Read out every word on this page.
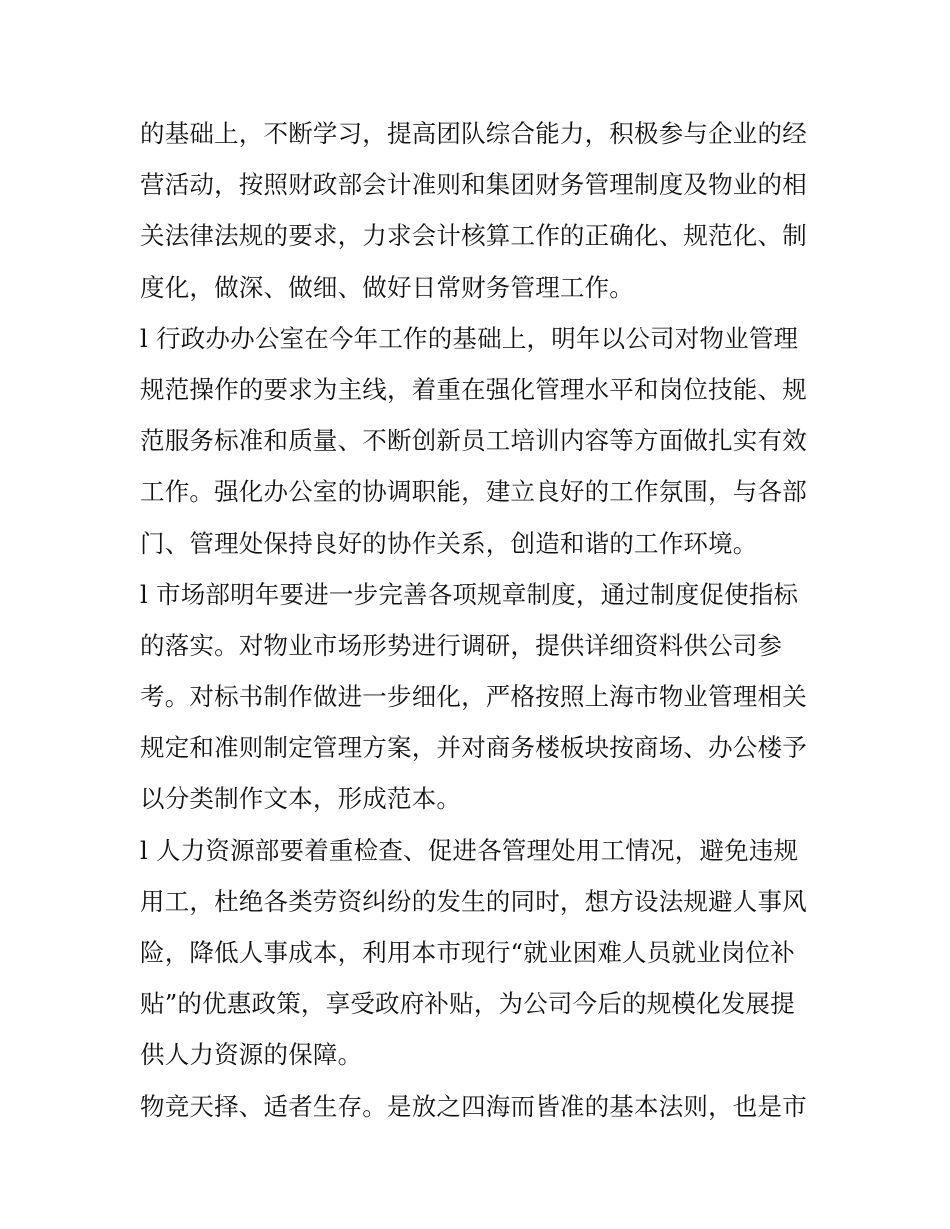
的基础上，不断学习，提高团队综合能力，积极参与企业的经
营活动，按照财政部会计准则和集团财务管理制度及物业的相
关法律法规的要求，力求会计核算工作的正确化、规范化、制
度化，做深、做细、做好日常财务管理工作。
l 行政办办公室在今年工作的基础上，明年以公司对物业管理
规范操作的要求为主线，着重在强化管理水平和岗位技能、规
范服务标准和质量、不断创新员工培训内容等方面做扎实有效
工作。强化办公室的协调职能，建立良好的工作氛围，与各部
门、管理处保持良好的协作关系，创造和谐的工作环境。
l 市场部明年要进一步完善各项规章制度，通过制度促使指标
的落实。对物业市场形势进行调研，提供详细资料供公司参
考。对标书制作做进一步细化，严格按照上海市物业管理相关
规定和准则制定管理方案，并对商务楼板块按商场、办公楼予
以分类制作文本，形成范本。
l 人力资源部要着重检查、促进各管理处用工情况，避免违规
用工，杜绝各类劳资纠纷的发生的同时，想方设法规避人事风
险，降低人事成本，利用本市现行“就业困难人员就业岗位补
贴”的优惠政策，享受政府补贴，为公司今后的规模化发展提
供人力资源的保障。
物竞天择、适者生存。是放之四海而皆准的基本法则，也是市
